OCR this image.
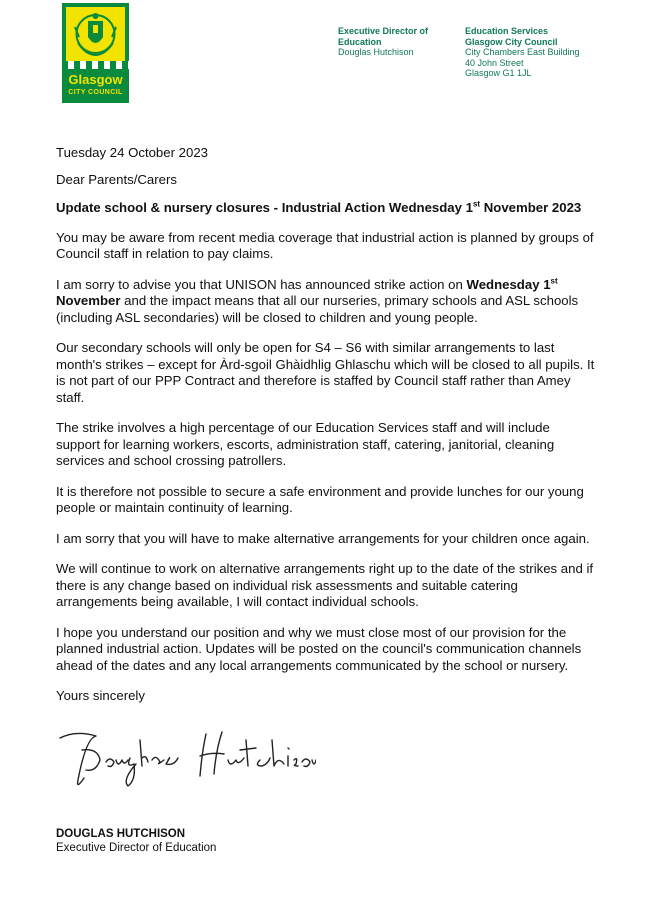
Glasgow
CITY COUNCIL
Executive Director of Education
Douglas Hutchison
Education Services
Glasgow City Council
City Chambers East Building
40 John Street
Glasgow G1 1JL

Tuesday 24 October 2023

Dear Parents/Carers

Update school & nursery closures - Industrial Action Wednesday 1st November 2023

You may be aware from recent media coverage that industrial action is planned by groups of Council staff in relation to pay claims.

I am sorry to advise you that UNISON has announced strike action on Wednesday 1st November and the impact means that all our nurseries, primary schools and ASL schools (including ASL secondaries) will be closed to children and young people.

Our secondary schools will only be open for S4 – S6 with similar arrangements to last month's strikes – except for Àrd-sgoil Ghàidhlig Ghlaschu which will be closed to all pupils. It is not part of our PPP Contract and therefore is staffed by Council staff rather than Amey staff.

The strike involves a high percentage of our Education Services staff and will include support for learning workers, escorts, administration staff, catering, janitorial, cleaning services and school crossing patrollers.

It is therefore not possible to secure a safe environment and provide lunches for our young people or maintain continuity of learning.

I am sorry that you will have to make alternative arrangements for your children once again.

We will continue to work on alternative arrangements right up to the date of the strikes and if there is any change based on individual risk assessments and suitable catering arrangements being available, I will contact individual schools.

I hope you understand our position and why we must close most of our provision for the planned industrial action. Updates will be posted on the council's communication channels ahead of the dates and any local arrangements communicated by the school or nursery.

Yours sincerely

DOUGLAS HUTCHISON
Executive Director of Education
